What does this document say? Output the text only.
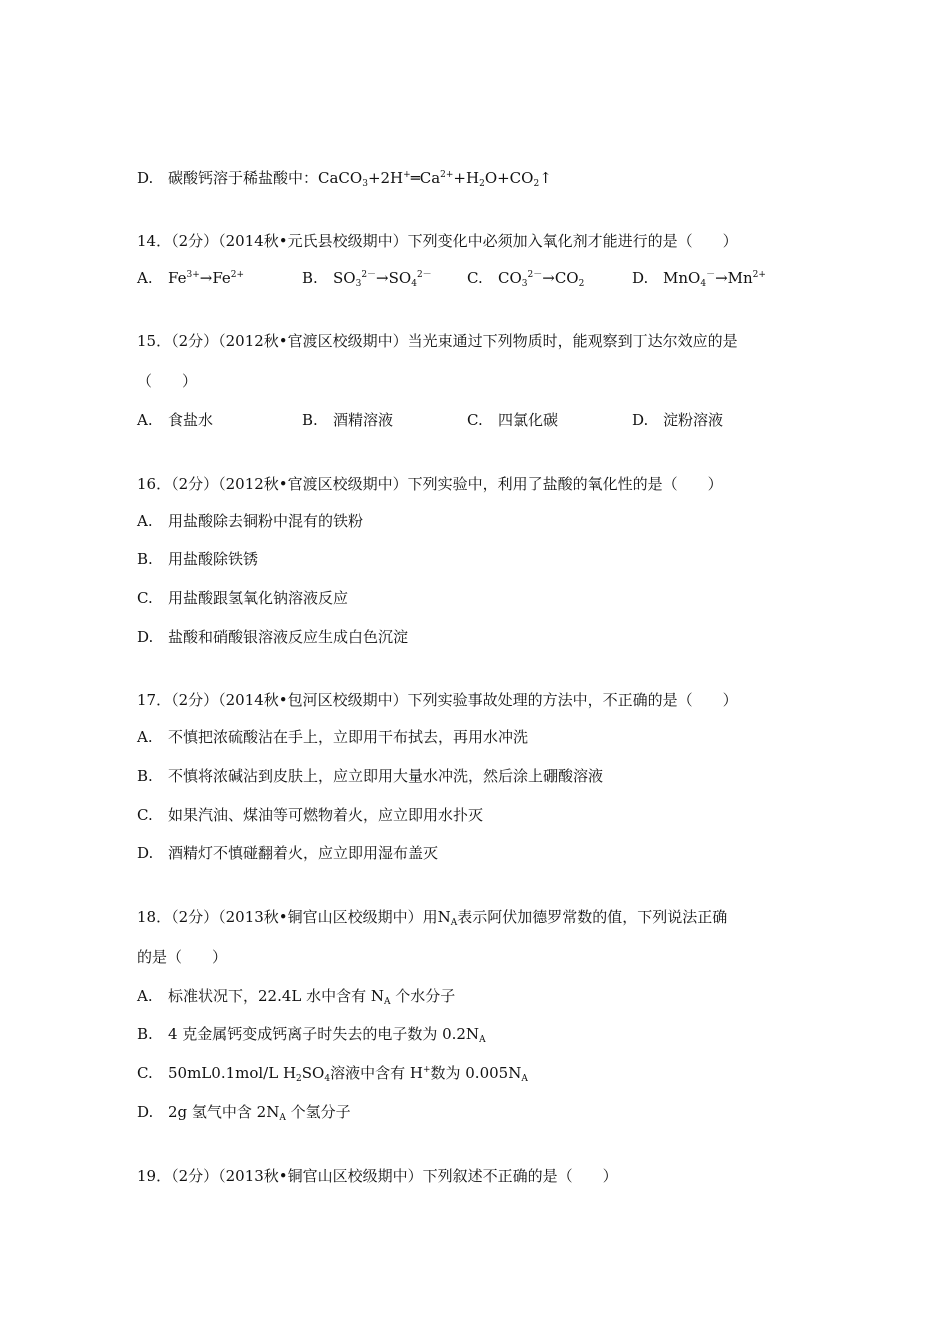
D. 碳酸钙溶于稀盐酸中：$CaCO_3+2H^+═Ca^{2+}+H_2O+CO_2↑$
14．（2分）（2014秋•元氏县校级期中）下列变化中必须加入氧化剂才能进行的是（　　）
A. $Fe^{3+}\to Fe^{2+}$	B. $SO_3^{2-}\to SO_4^{2-}$ C. $CO_3^{2-}\to CO_2$	D. $MnO_4^-\to Mn^{2+}$
15．（2分）（2012秋•官渡区校级期中）当光束通过下列物质时，能观察到丁达尔效应的是
（　　）
A. 食盐水	B. 酒精溶液	C. 四氯化碳	D. 淀粉溶液
16．（2分）（2012秋•官渡区校级期中）下列实验中，利用了盐酸的氧化性的是（　　）
A. 用盐酸除去铜粉中混有的铁粉
B. 用盐酸除铁锈
C. 用盐酸跟氢氧化钠溶液反应
D. 盐酸和硝酸银溶液反应生成白色沉淀
17．（2分）（2014秋•包河区校级期中）下列实验事故处理的方法中，不正确的是（　　）
A. 不慎把浓硫酸沾在手上，立即用干布拭去，再用水冲洗
B. 不慎将浓碱沾到皮肤上，应立即用大量水冲洗，然后涂上硼酸溶液
C. 如果汽油、煤油等可燃物着火，应立即用水扑灭
D. 酒精灯不慎碰翻着火，应立即用湿布盖灭
18．（2分）（2013秋•铜官山区校级期中）用$N_A$表示阿伏加德罗常数的值，下列说法正确
的是（　　）
A. 标准状况下，22.4L 水中含有 $N_A$ 个水分子
B. 4 克金属钙变成钙离子时失去的电子数为 $0.2N_A$
C. 50mL0.1mol/L $H_2SO_4$溶液中含有 H+数为 $0.005N_A$
D. 2g 氢气中含 $2N_A$ 个氢分子
19．（2分）（2013秋•铜官山区校级期中）下列叙述不正确的是（　　）
